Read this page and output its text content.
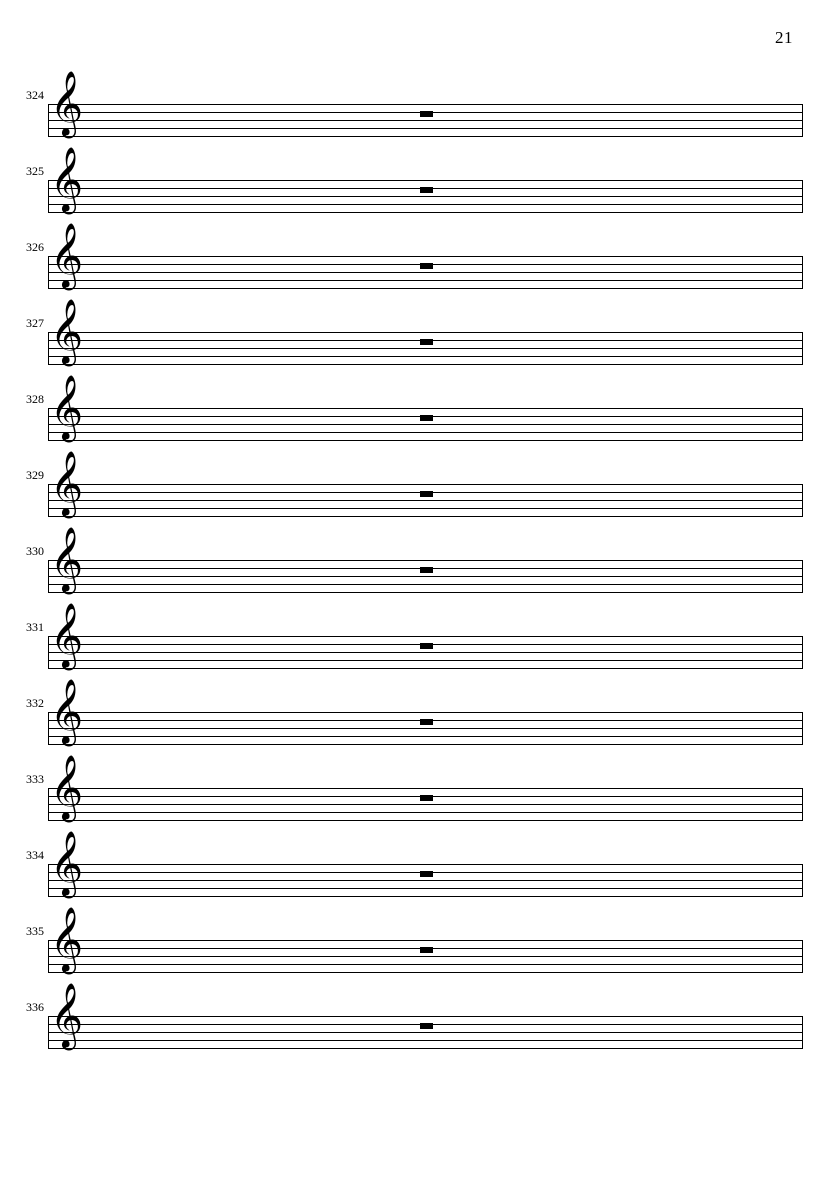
21
324 𝄞
325 𝄞
326 𝄞
327 𝄞
328 𝄞
329 𝄞
330 𝄞
331 𝄞
332 𝄞
333 𝄞
334 𝄞
335 𝄞
336 𝄞
